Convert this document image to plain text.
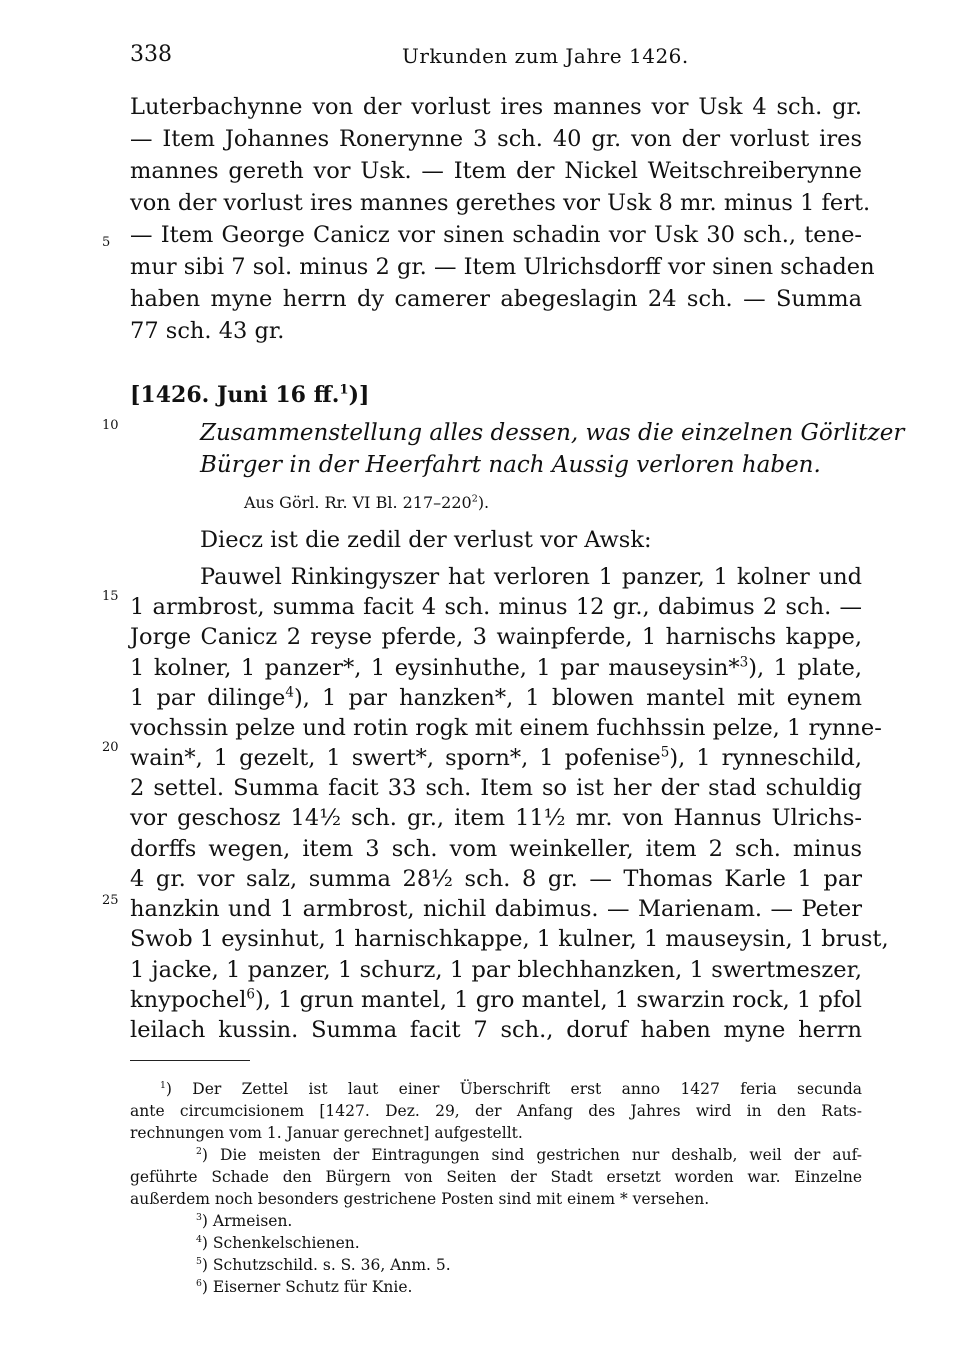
338	Urkunden zum Jahre 1426.
5
10
15
20
25
Luterbachynne von der vorlust ires mannes vor Usk 4 sch. gr.
— Item Johannes Ronerynne 3 sch. 40 gr. von der vorlust ires
mannes gereth vor Usk. — Item der Nickel Weitschreiberynne
von der vorlust ires mannes gerethes vor Usk 8 mr. minus 1 fert.
— Item George Canicz vor sinen schadin vor Usk 30 sch., tene-
mur sibi 7 sol. minus 2 gr. — Item Ulrichsdorff vor sinen schaden
haben myne herrn dy camerer abegeslagin 24 sch. — Summa
77 sch. 43 gr.
[1426. Juni 16 ff.$^1$)]
Zusammenstellung alles dessen, was die einzelnen Görlitzer
Bürger in der Heerfahrt nach Aussig verloren haben.
Aus Görl. Rr. VI Bl. $217-220^2$).
Diecz ist die zedil der verlust vor Awsk:
Pauwel Rinkingyszer hat verloren 1 panzer, 1 kolner und
1 armbrost, summa facit 4 sch. minus 12 gr., dabimus 2 sch. —
Jorge Canicz 2 reyse pferde, 3 wainpferde, 1 harnischs kappe,
1 kolner, 1 panzer*, 1 eysinhuthe, 1 par mauseysin*$^3$), 1 plate,
1 par dilinge$^4$), 1 par hanzken*, 1 blowen mantel mit eynem
vochssin pelze und rotin rogk mit einem fuchhssin pelze, 1 rynne-
wain*, 1 gezelt, 1 swert*, sporn*, 1 pofenise$^5$), 1 rynneschild,
2 settel. Summa facit 33 sch. Item so ist her der stad schuldig
vor geschosz 14½ sch. gr., item 11½ mr. von Hannus Ulrichs-
dorffs wegen, item 3 sch. vom weinkeller, item 2 sch. minus
4 gr. vor salz, summa 28½ sch. 8 gr. — Thomas Karle 1 par
hanzkin und 1 armbrost, nichil dabimus. — Marienam. — Peter
Swob 1 eysinhut, 1 harnischkappe, 1 kulner, 1 mauseysin, 1 brust,
1 jacke, 1 panzer, 1 schurz, 1 par blechhanzken, 1 swertmeszer,
knypochel$^6$), 1 grun mantel, 1 gro mantel, 1 swarzin rock, 1 pfol
leilach kussin. Summa facit 7 sch., doruf haben myne herrn
$^1$) Der Zettel ist laut einer Überschrift erst anno 1427 feria secunda
ante circumcisionem [1427. Dez. 29, der Anfang des Jahres wird in den Rats-
rechnungen vom 1. Januar gerechnet] aufgestellt.
$^2$) Die meisten der Eintragungen sind gestrichen nur deshalb, weil der auf-
geführte Schade den Bürgern von Seiten der Stadt ersetzt worden war. Einzelne
außerdem noch besonders gestrichene Posten sind mit einem * versehen.
$^3$) Armeisen.
$^4$) Schenkelschienen.
$^5$) Schutzschild. s. S. 36, Anm. 5.
$^6$) Eiserner Schutz für Knie.
